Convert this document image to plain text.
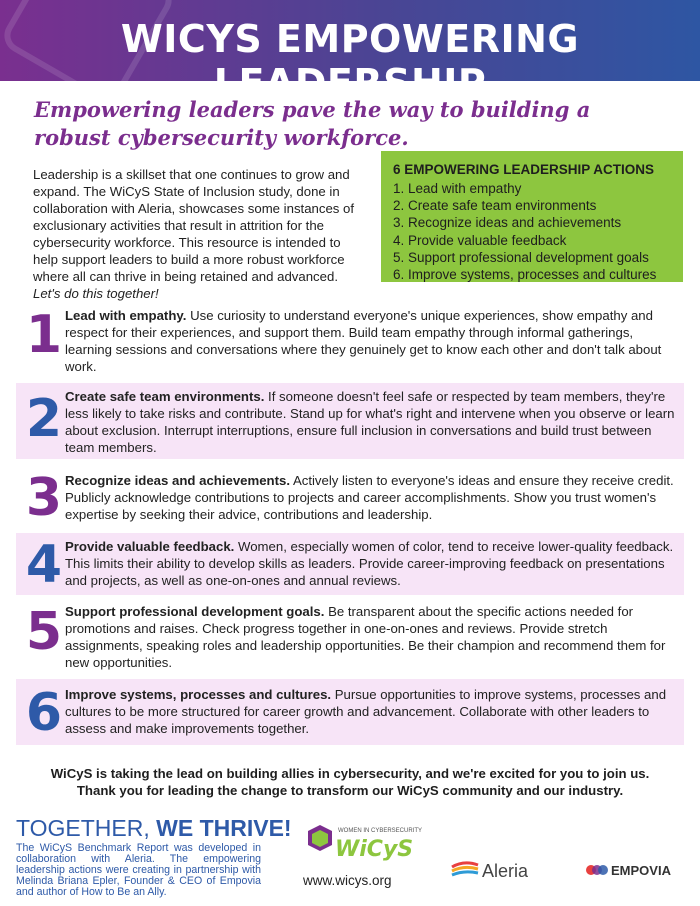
WICYS EMPOWERING LEADERSHIP
Empowering leaders pave the way to building a robust cybersecurity workforce.
Leadership is a skillset that one continues to grow and expand. The WiCyS State of Inclusion study, done in collaboration with Aleria, showcases some instances of exclusionary activities that result in attrition for the cybersecurity workforce. This resource is intended to help support leaders to build a more robust workforce where all can thrive in being retained and advanced.
Let's do this together!
6 EMPOWERING LEADERSHIP ACTIONS
1. Lead with empathy
2. Create safe team environments
3. Recognize ideas and achievements
4. Provide valuable feedback
5. Support professional development goals
6. Improve systems, processes and cultures
1 Lead with empathy. Use curiosity to understand everyone's unique experiences, show empathy and respect for their experiences, and support them. Build team empathy through informal gatherings, learning sessions and conversations where they genuinely get to know each other and don't talk about work.
2 Create safe team environments. If someone doesn't feel safe or respected by team members, they're less likely to take risks and contribute. Stand up for what's right and intervene when you observe or learn about exclusion. Interrupt interruptions, ensure full inclusion in conversations and build trust between team members.
3 Recognize ideas and achievements. Actively listen to everyone's ideas and ensure they receive credit. Publicly acknowledge contributions to projects and career accomplishments. Show you trust women's expertise by seeking their advice, contributions and leadership.
4 Provide valuable feedback. Women, especially women of color, tend to receive lower-quality feedback. This limits their ability to develop skills as leaders. Provide career-improving feedback on presentations and projects, as well as one-on-ones and annual reviews.
5 Support professional development goals. Be transparent about the specific actions needed for promotions and raises. Check progress together in one-on-ones and reviews. Provide stretch assignments, speaking roles and leadership opportunities. Be their champion and recommend them for new opportunities.
6 Improve systems, processes and cultures. Pursue opportunities to improve systems, processes and cultures to be more structured for career growth and advancement. Collaborate with other leaders to assess and make improvements together.
WiCyS is taking the lead on building allies in cybersecurity, and we're excited for you to join us.
Thank you for leading the change to transform our WiCyS community and our industry.
TOGETHER, WE THRIVE!
The WiCyS Benchmark Report was developed in collaboration with Aleria. The empowering leadership actions were creating in partnership with Melinda Briana Epler, Founder & CEO of Empovia and author of How to Be an Ally.
WOMEN IN CYBERSECURITY
WiCyS
www.wicys.org	Aleria	EMPOVIA
